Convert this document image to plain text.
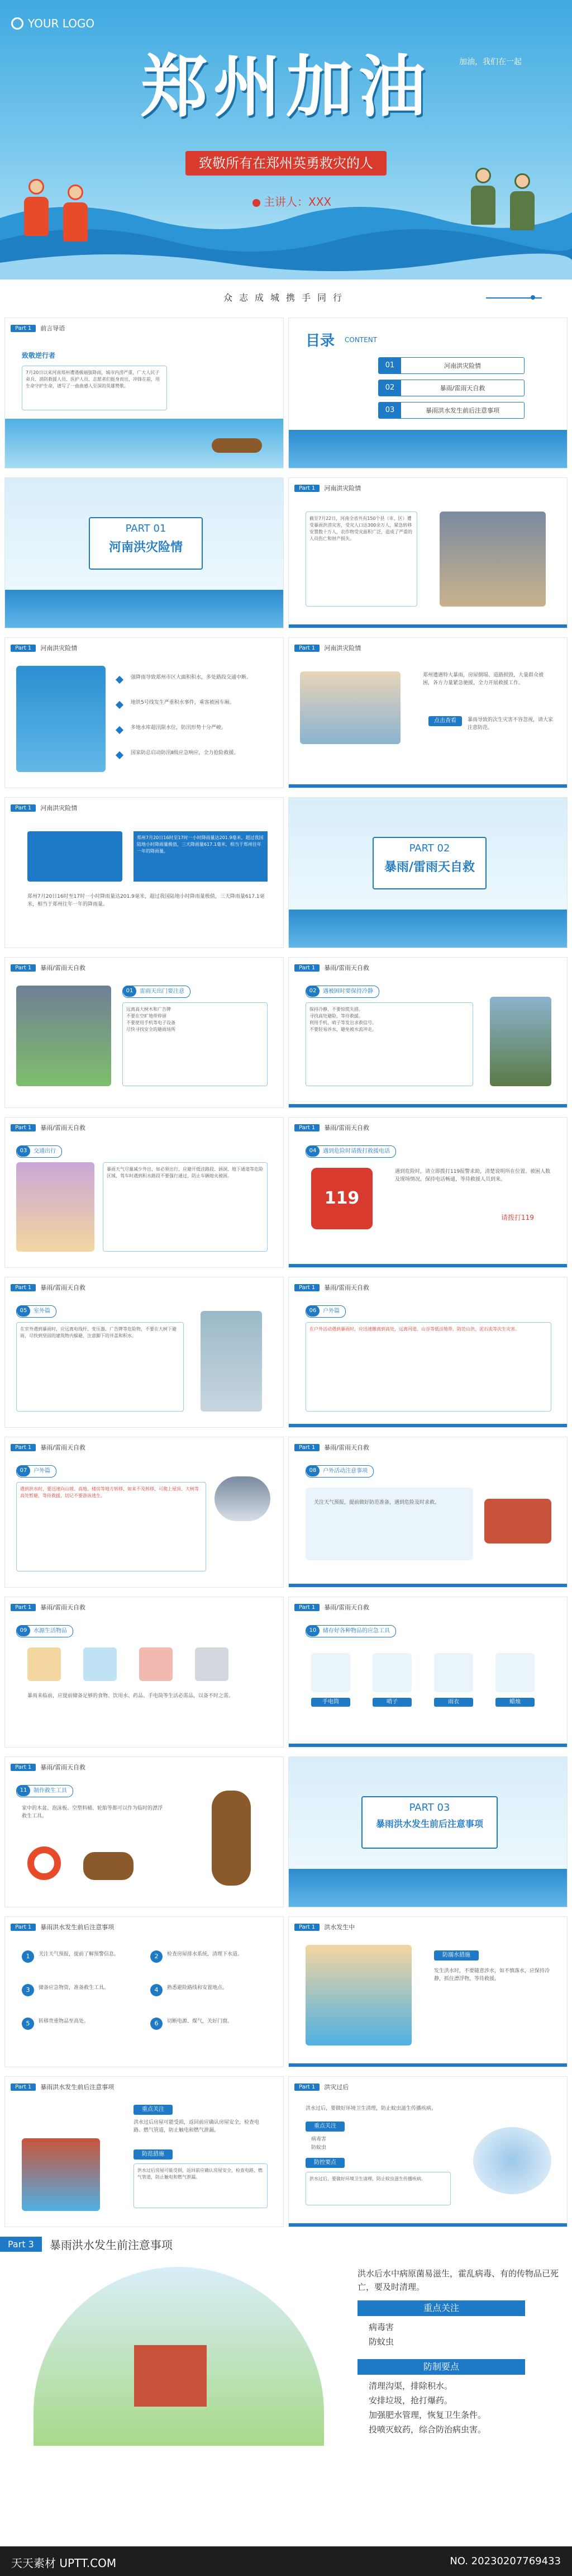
YOUR LOGO
加油，我们在一起
郑州加油
致敬所有在郑州英勇救灾的人
主讲人：XXX
众志成城携手同行
Part 1	前言导语
致敬逆行者
7月20日以来河南郑州遭遇极端强降雨，城市内涝严重，广大人民子弟兵、消防救援人员、医护人员、志愿者们挺身而出，冲锋在前，用生命守护生命，谱写了一曲曲感人至深的英雄赞歌。
目录 CONTENT
01	河南洪灾险情
02	暴雨/雷雨天自救
03	暴雨洪水发生前后注意事项
PART 01
河南洪灾险情
Part 1	河南洪灾险情
截至7月22日，河南全省共有150个县（市、区）遭受暴雨洪涝灾害，受灾人口达300余万人，紧急转移安置数十万人，农作物受灾面积广泛，造成了严重的人员伤亡和财产损失。
Part 1	河南洪灾险情
强降雨导致郑州市区大面积积水，多处路段交通中断。
地铁5号线发生严重积水事件，乘客被困车厢。
多地水库超汛限水位，防汛形势十分严峻。
国家防总启动防汛Ⅱ级应急响应，全力抢险救援。
Part 1	河南洪灾险情
郑州遭遇特大暴雨，房屋倒塌、道路损毁，大量群众被困，各方力量紧急驰援，全力开展救援工作。
点击查看	暴雨导致的次生灾害不容忽视，请大家注意防范。
Part 1	河南洪灾险情
郑州7月20日16时至17时一小时降雨量达201.9毫米，超过我国陆地小时降雨量极值，三天降雨量617.1毫米，相当于郑州往年一年的降雨量。
郑州7月20日16时至17时一小时降雨量达201.9毫米，超过我国陆地小时降雨量极值，三天降雨量617.1毫米，相当于郑州往年一年的降雨量。
PART 02
暴雨/雷雨天自救
Part 1	暴雨/雷雨天自救
01	雷雨天出门要注意
远离高大树木和广告牌
不要在空旷地带停留
不要使用手机等电子设备
尽快寻找安全的避雨场所
Part 1	暴雨/雷雨天自救
02	遇被困时要保持冷静
保持冷静，不要惊慌失措。
寻找高处避险，等待救援。
利用手机、哨子等发出求救信号。
不要轻易涉水，避免被水流冲走。
Part 1	暴雨/雷雨天自救
03	交通出行
暴雨天气尽量减少外出，如必须出行，应避开低洼路段、涵洞、地下通道等危险区域，驾车时遇到积水路段不要强行通过，防止车辆熄火被困。
Part 1	暴雨/雷雨天自救
04	遇到危险时请拨打救援电话
119
遇到危险时，请立即拨打119报警求助，清楚说明所在位置、被困人数及现场情况，保持电话畅通，等待救援人员到来。
请拨打119
Part 1	暴雨/雷雨天自救
05	室外篇
在室外遇到暴雨时，应远离电线杆、变压器、广告牌等危险物，不要在大树下避雨，尽快到坚固的建筑物内躲避，注意脚下的井盖和积水。
Part 1	暴雨/雷雨天自救
06	户外篇
在户外活动遇到暴雨时，应迅速撤离到高处，远离河道、山谷等低洼地带，防范山洪、泥石流等次生灾害。
Part 1	暴雨/雷雨天自救
07	户外篇
遇到洪水时，要迅速向山坡、高地、楼房等地方转移，如来不及转移，可爬上屋顶、大树等高处暂避，等待救援，切记不要游泳逃生。
Part 1	暴雨/雷雨天自救
08	户外活动注意事项
关注天气预报，提前做好防范准备，遇到危险及时求救。
Part 1	暴雨/雷雨天自救
09	水源生活物品
暴雨来临前，应提前储备足够的食物、饮用水、药品、手电筒等生活必需品，以备不时之需。
Part 1	暴雨/雷雨天自救
10	储存好各种物品的应急工具
手电筒	哨子	雨衣	蜡烛
Part 1	暴雨/雷雨天自救
11	制作救生工具
家中的木盆、泡沫板、空塑料桶、轮胎等都可以作为临时的漂浮救生工具。
PART 03
暴雨洪水发生前后注意事项
Part 1	暴雨洪水发生前后注意事项
1	关注天气预报，提前了解预警信息。
3	储备应急物资，准备救生工具。
5	转移贵重物品至高处。
2	检查房屋排水系统，清理下水道。
4	熟悉避险路线和安置地点。
6	切断电源、煤气，关好门窗。
Part 1	洪水发生中
防溺水措施
发生洪水时，不要随意涉水，如不慎落水，应保持冷静，抓住漂浮物，等待救援。
Part 1	暴雨洪水发生前后注意事项
重点关注
洪水过后房屋可能受损，返回前应确认房屋安全，检查电路、燃气管道，防止触电和燃气泄漏。
防范措施
洪水过后房屋可能受损，返回前应确认房屋安全，检查电路、燃气管道，防止触电和燃气泄漏。
Part 1	洪灾过后
洪水过后，要做好环境卫生清理，防止蚊虫滋生传播疾病。
重点关注
病毒害
防蚊虫
防控要点
洪水过后，要做好环境卫生清理，防止蚊虫滋生传播疾病。
Part 3	暴雨洪水发生前注意事项
洪水后水中病原菌易滋生，霍乱病毒、有的传物品已死亡，要及时清理。
重点关注
病毒害
防蚊虫
防制要点
清理沟渠，排除积水。
安排垃圾，抢打爆药。
加强肥水管理，恢复卫生条件。
投喷灭蚊药，综合防治病虫害。
天天素材 UPTT.COM	NO. 20230207769433
